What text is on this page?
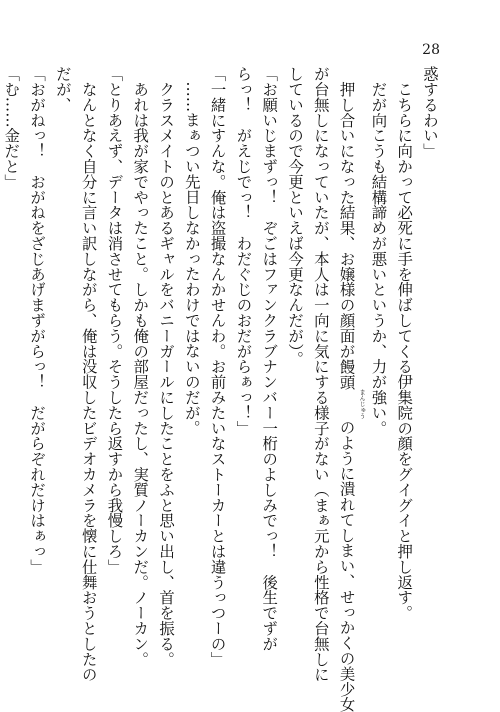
28
惑するわい」
　こちらに向かって必死に手を伸ばしてくる伊集院の顔をグイグイと押し返す。
　だが向こうも結構諦めが悪いというか、力が強い。
　押し合いになった結果、お嬢様の顔面が饅頭まんじゅうのように潰れてしまい、せっかくの美少女
が台無しになっていたが、本人は一向に気にする様子がない（まぁ元から性格で台無しに
しているので今更といえば今更なんだが）。
「お願いじまずっ！　ぞごはファンクラブナンバー一桁のよしみでっ！　後生でずが
らっ！　がえじでっ！　わだぐじのおだがらぁっ！」
「一緒にすんな。俺は盗撮なんかせんわ。お前みたいなストーカーとは違うっつーの」
　……まぁつい先日しなかったわけではないのだが。
　クラスメイトのとあるギャルをバニーガールにしたことをふと思い出し、首を振る。
　あれは我が家でやったこと。しかも俺の部屋だったし、実質ノーカンだ。ノーカン。
「とりあえず、データは消させてもらう。そうしたら返すから我慢しろ」
　なんとなく自分に言い訳しながら、俺は没収したビデオカメラを懐に仕舞おうとしたの
だが、
「おがねっ！　おがねをざじあげまずがらっ！　だがらぞれだけはぁっ」
「む……金だと」
